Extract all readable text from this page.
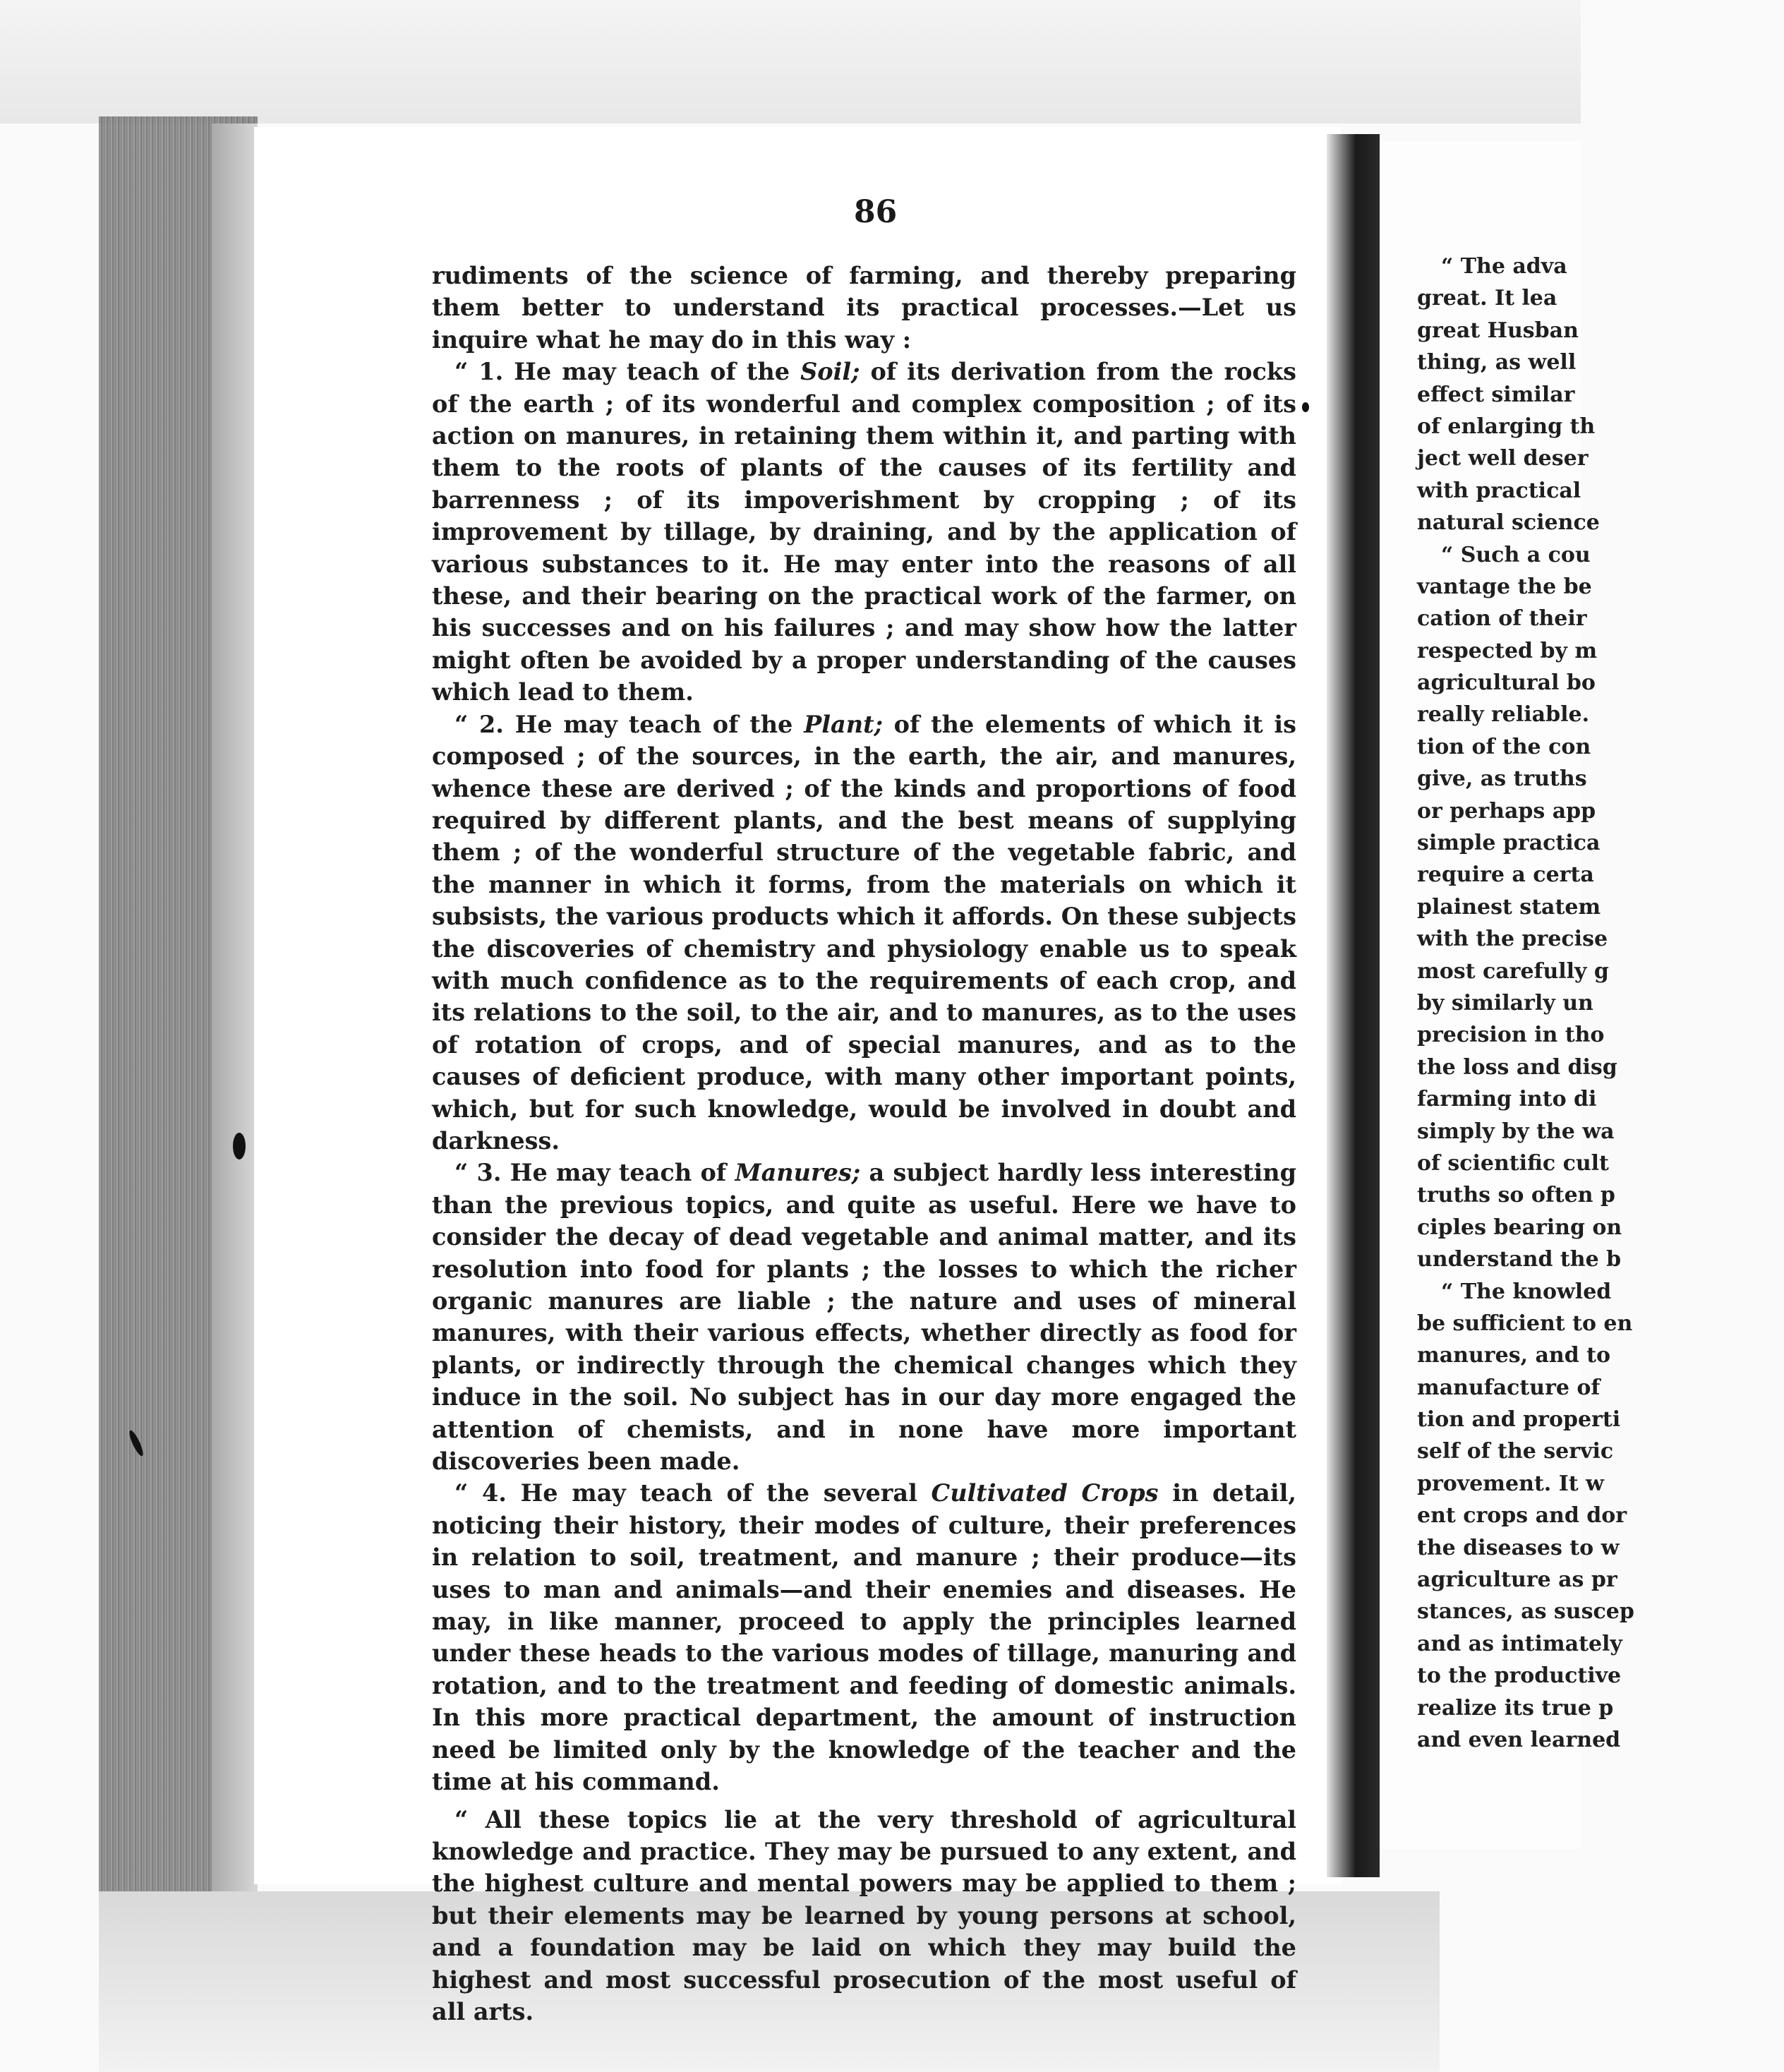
86

rudiments of the science of farming, and thereby preparing them better to understand its practical processes.—Let us inquire what he may do in this way :

“ 1. He may teach of the Soil; of its derivation from the rocks of the earth ; of its wonderful and complex composition ; of its action on manures, in retaining them within it, and parting with them to the roots of plants of the causes of its fertility and barrenness ; of its impoverishment by cropping ; of its improvement by tillage, by draining, and by the application of various substances to it. He may enter into the reasons of all these, and their bearing on the practical work of the farmer, on his successes and on his failures ; and may show how the latter might often be avoided by a proper understanding of the causes which lead to them.

“ 2. He may teach of the Plant; of the elements of which it is composed ; of the sources, in the earth, the air, and manures, whence these are derived ; of the kinds and proportions of food required by different plants, and the best means of supplying them ; of the wonderful structure of the vegetable fabric, and the manner in which it forms, from the materials on which it subsists, the various products which it affords. On these subjects the discoveries of chemistry and physiology enable us to speak with much confidence as to the requirements of each crop, and its relations to the soil, to the air, and to manures, as to the uses of rotation of crops, and of special manures, and as to the causes of deficient produce, with many other important points, which, but for such knowledge, would be involved in doubt and darkness.

“ 3. He may teach of Manures; a subject hardly less interesting than the previous topics, and quite as useful. Here we have to consider the decay of dead vegetable and animal matter, and its resolution into food for plants ; the losses to which the richer organic manures are liable ; the nature and uses of mineral manures, with their various effects, whether directly as food for plants, or indirectly through the chemical changes which they induce in the soil. No subject has in our day more engaged the attention of chemists, and in none have more important discoveries been made.

“ 4. He may teach of the several Cultivated Crops in detail, noticing their history, their modes of culture, their preferences in relation to soil, treatment, and manure ; their produce—its uses to man and animals—and their enemies and diseases. He may, in like manner, proceed to apply the principles learned under these heads to the various modes of tillage, manuring and rotation, and to the treatment and feeding of domestic animals. In this more practical department, the amount of instruction need be limited only by the knowledge of the teacher and the time at his command.

“ All these topics lie at the very threshold of agricultural knowledge and practice. They may be pursued to any extent, and the highest culture and mental powers may be applied to them ; but their elements may be learned by young persons at school, and a foundation may be laid on which they may build the highest and most successful prosecution of the most useful of all arts.

“ The adva
great. It lea
great Husban
thing, as well
effect similar
of enlarging th
ject well deser
with practical
natural science
“ Such a cou
vantage the be
cation of their
respected by m
agricultural bo
really reliable.
tion of the con
give, as truths
or perhaps app
simple practica
require a certa
plainest statem
with the precise
most carefully g
by similarly un
precision in tho
the loss and disg
farming into di
simply by the wa
of scientific cult
truths so often p
ciples bearing on
understand the b
“ The knowled
be sufficient to en
manures, and to
manufacture of
tion and properti
self of the servic
provement. It w
ent crops and dor
the diseases to w
agriculture as pr
stances, as suscep
and as intimately
to the productive
realize its true p
and even learned
